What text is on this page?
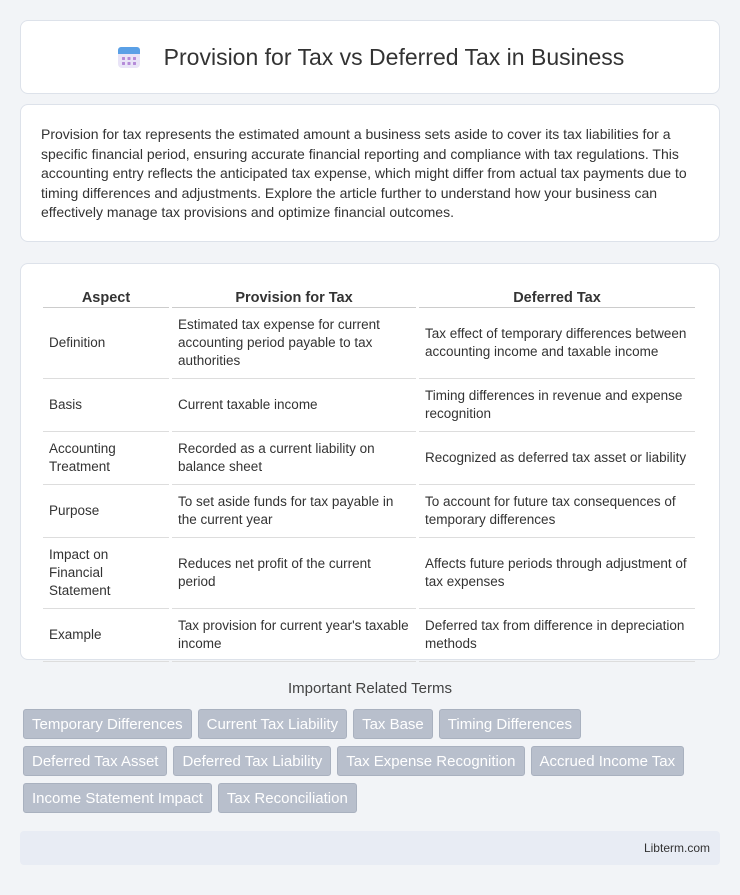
Provision for Tax vs Deferred Tax in Business

Provision for tax represents the estimated amount a business sets aside to cover its tax liabilities for a specific financial period, ensuring accurate financial reporting and compliance with tax regulations. This accounting entry reflects the anticipated tax expense, which might differ from actual tax payments due to timing differences and adjustments. Explore the article further to understand how your business can effectively manage tax provisions and optimize financial outcomes.

Aspect	Provision for Tax	Deferred Tax
Definition	Estimated tax expense for current accounting period payable to tax authorities	Tax effect of temporary differences between accounting income and taxable income
Basis	Current taxable income	Timing differences in revenue and expense recognition
Accounting Treatment	Recorded as a current liability on balance sheet	Recognized as deferred tax asset or liability
Purpose	To set aside funds for tax payable in the current year	To account for future tax consequences of temporary differences
Impact on Financial Statement	Reduces net profit of the current period	Affects future periods through adjustment of tax expenses
Example	Tax provision for current year's taxable income	Deferred tax from difference in depreciation methods
Important Related Terms
Temporary Differences	Current Tax Liability	Tax Base	Timing Differences
Deferred Tax Asset	Deferred Tax Liability	Tax Expense Recognition	Accrued Income Tax
Income Statement Impact	Tax Reconciliation
Libterm.com
